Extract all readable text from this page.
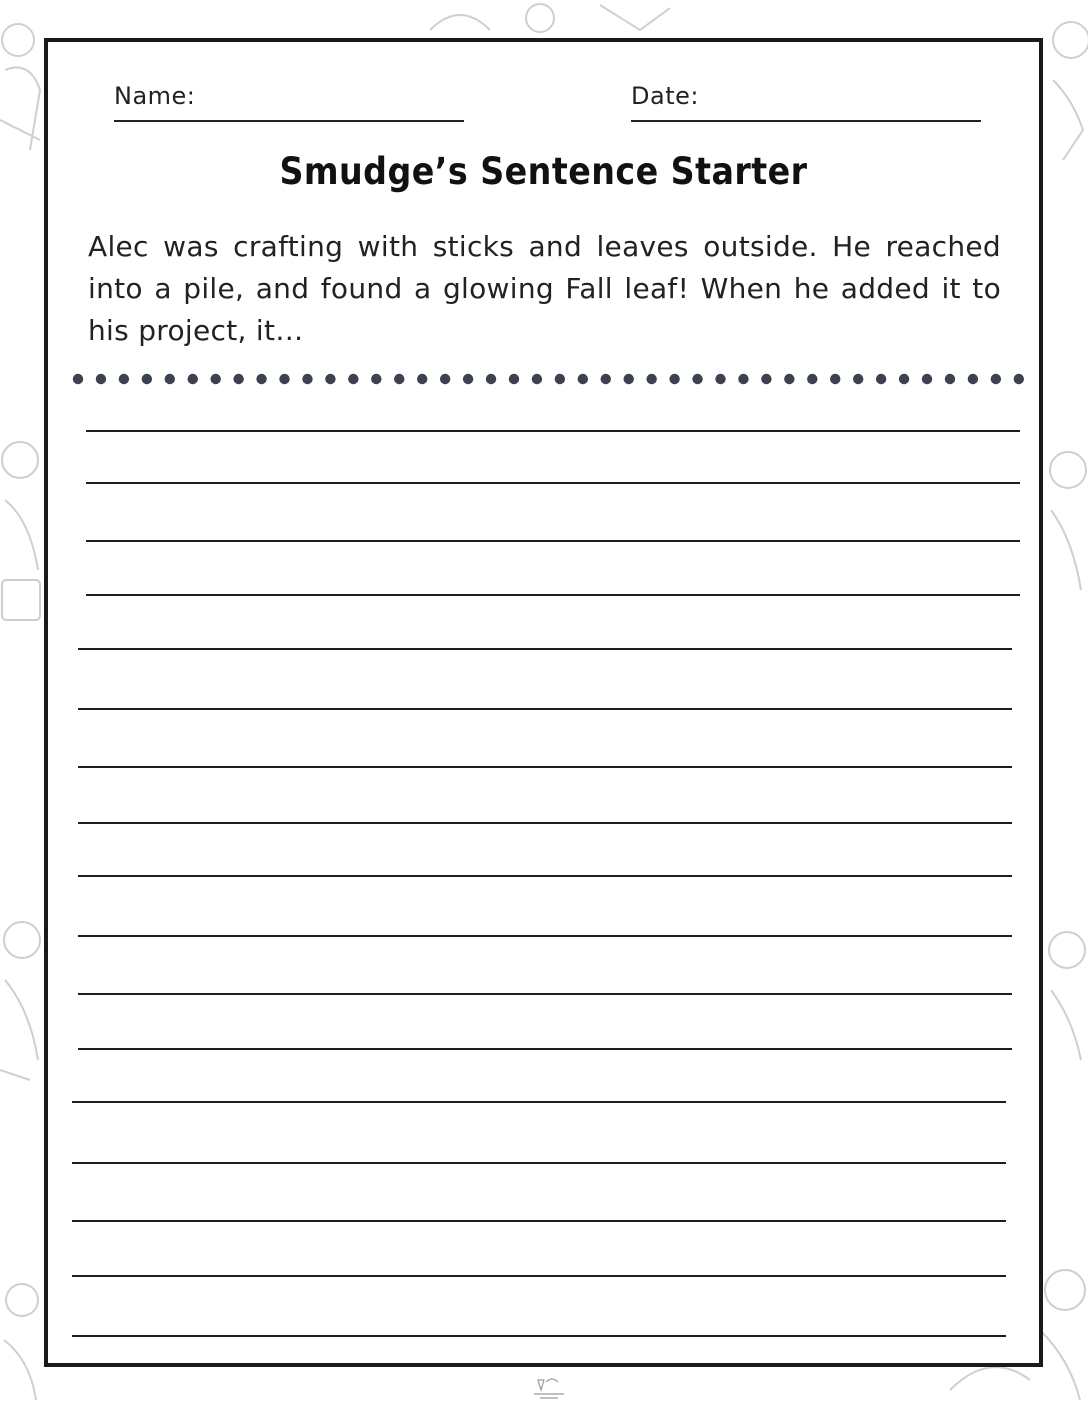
Name:	Date:
Smudge’s Sentence Starter
Alec was crafting with sticks and leaves outside. He reached into a pile, and found a glowing Fall leaf! When he added it to his project, it…
